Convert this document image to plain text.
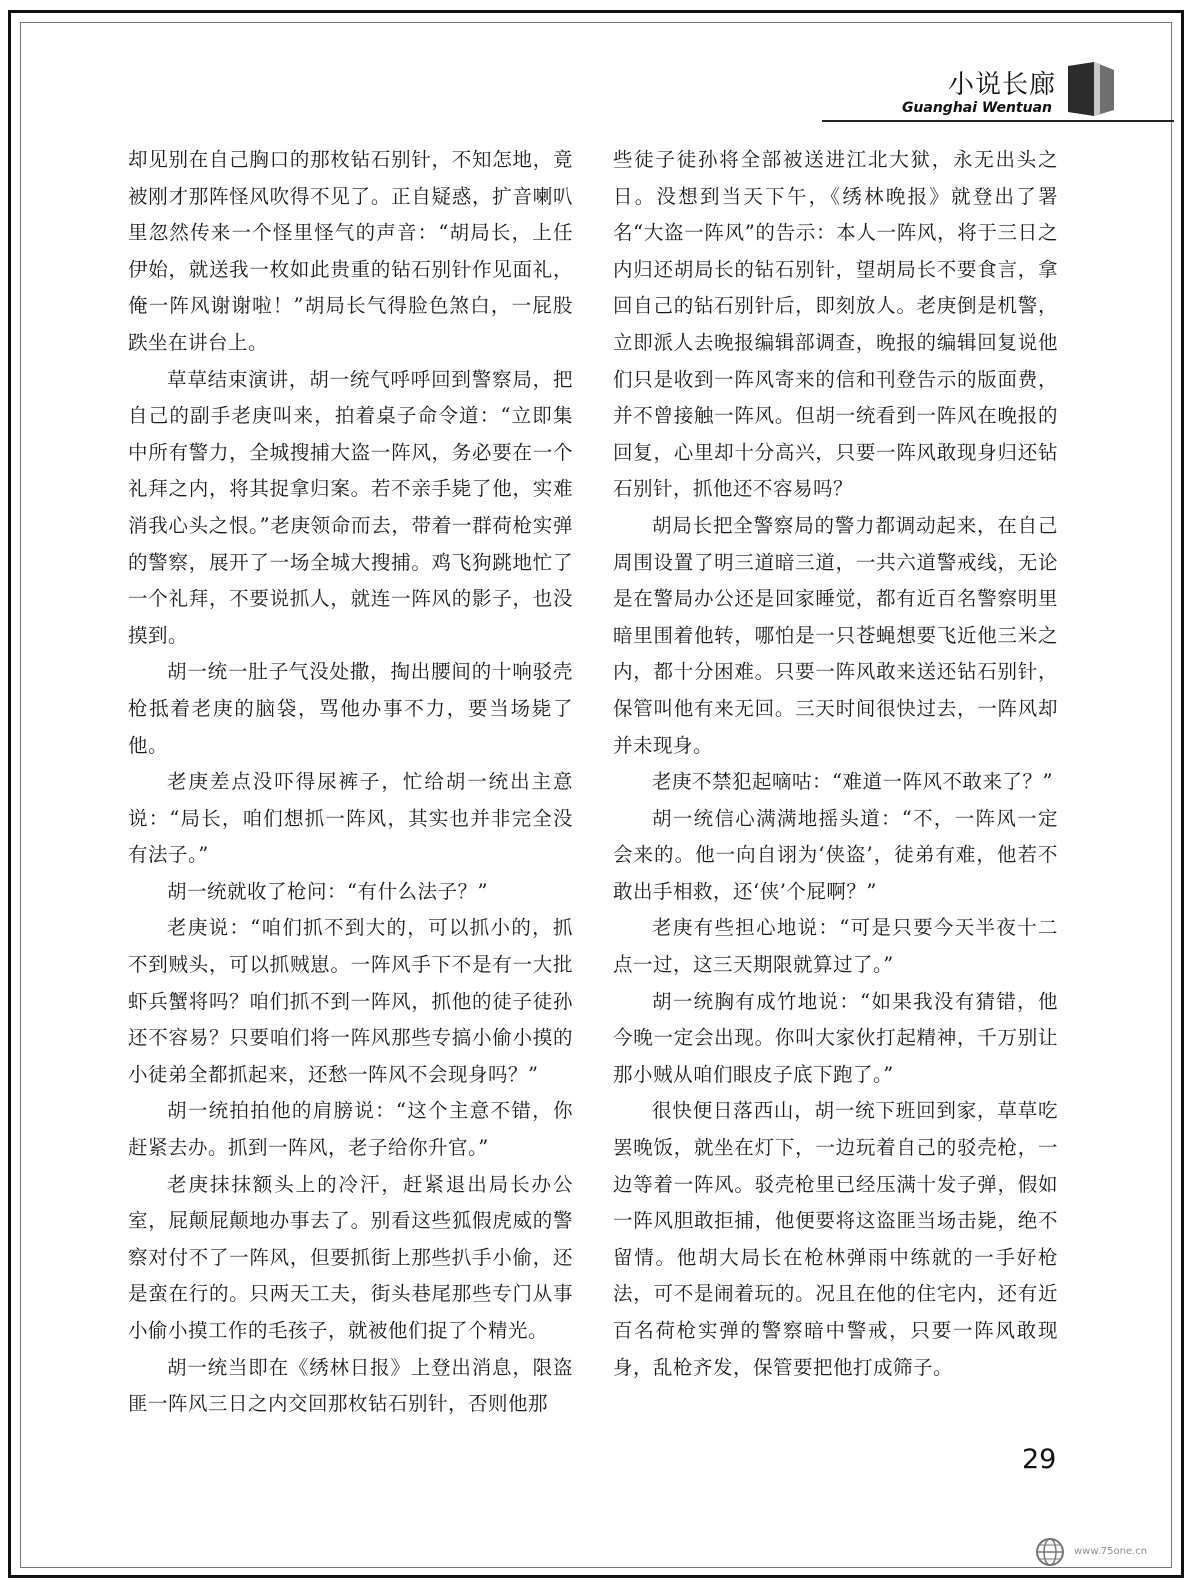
小说长廊
Guanghai Wentuan

却见别在自己胸口的那枚钻石别针，不知怎地，竟被刚才那阵怪风吹得不见了。正自疑惑，扩音喇叭里忽然传来一个怪里怪气的声音：“胡局长，上任伊始，就送我一枚如此贵重的钻石别针作见面礼，俺一阵风谢谢啦！”胡局长气得脸色煞白，一屁股跌坐在讲台上。

草草结束演讲，胡一统气呼呼回到警察局，把自己的副手老庚叫来，拍着桌子命令道：“立即集中所有警力，全城搜捕大盗一阵风，务必要在一个礼拜之内，将其捉拿归案。若不亲手毙了他，实难消我心头之恨。”老庚领命而去，带着一群荷枪实弹的警察，展开了一场全城大搜捕。鸡飞狗跳地忙了一个礼拜，不要说抓人，就连一阵风的影子，也没摸到。

胡一统一肚子气没处撒，掏出腰间的十响驳壳枪抵着老庚的脑袋，骂他办事不力，要当场毙了他。

老庚差点没吓得尿裤子，忙给胡一统出主意说：“局长，咱们想抓一阵风，其实也并非完全没有法子。”

胡一统就收了枪问：“有什么法子？”

老庚说：“咱们抓不到大的，可以抓小的，抓不到贼头，可以抓贼崽。一阵风手下不是有一大批虾兵蟹将吗？咱们抓不到一阵风，抓他的徒子徒孙还不容易？只要咱们将一阵风那些专搞小偷小摸的小徒弟全都抓起来，还愁一阵风不会现身吗？”

胡一统拍拍他的肩膀说：“这个主意不错，你赶紧去办。抓到一阵风，老子给你升官。”

老庚抹抹额头上的冷汗，赶紧退出局长办公室，屁颠屁颠地办事去了。别看这些狐假虎威的警察对付不了一阵风，但要抓街上那些扒手小偷，还是蛮在行的。只两天工夫，街头巷尾那些专门从事小偷小摸工作的毛孩子，就被他们捉了个精光。

胡一统当即在《绣林日报》上登出消息，限盗匪一阵风三日之内交回那枚钻石别针，否则他那

些徒子徒孙将全部被送进江北大狱，永无出头之日。没想到当天下午，《绣林晚报》就登出了署名“大盗一阵风”的告示：本人一阵风，将于三日之内归还胡局长的钻石别针，望胡局长不要食言，拿回自己的钻石别针后，即刻放人。老庚倒是机警，立即派人去晚报编辑部调查，晚报的编辑回复说他们只是收到一阵风寄来的信和刊登告示的版面费，并不曾接触一阵风。但胡一统看到一阵风在晚报的回复，心里却十分高兴，只要一阵风敢现身归还钻石别针，抓他还不容易吗？

胡局长把全警察局的警力都调动起来，在自己周围设置了明三道暗三道，一共六道警戒线，无论是在警局办公还是回家睡觉，都有近百名警察明里暗里围着他转，哪怕是一只苍蝇想要飞近他三米之内，都十分困难。只要一阵风敢来送还钻石别针，保管叫他有来无回。三天时间很快过去，一阵风却并未现身。

老庚不禁犯起嘀咕：“难道一阵风不敢来了？”

胡一统信心满满地摇头道：“不，一阵风一定会来的。他一向自诩为‘侠盗’，徒弟有难，他若不敢出手相救，还‘侠’个屁啊？”

老庚有些担心地说：“可是只要今天半夜十二点一过，这三天期限就算过了。”

胡一统胸有成竹地说：“如果我没有猜错，他今晚一定会出现。你叫大家伙打起精神，千万别让那小贼从咱们眼皮子底下跑了。”

很快便日落西山，胡一统下班回到家，草草吃罢晚饭，就坐在灯下，一边玩着自己的驳壳枪，一边等着一阵风。驳壳枪里已经压满十发子弹，假如一阵风胆敢拒捕，他便要将这盗匪当场击毙，绝不留情。他胡大局长在枪林弹雨中练就的一手好枪法，可不是闹着玩的。况且在他的住宅内，还有近百名荷枪实弹的警察暗中警戒，只要一阵风敢现身，乱枪齐发，保管要把他打成筛子。

29
www.75one.cn
